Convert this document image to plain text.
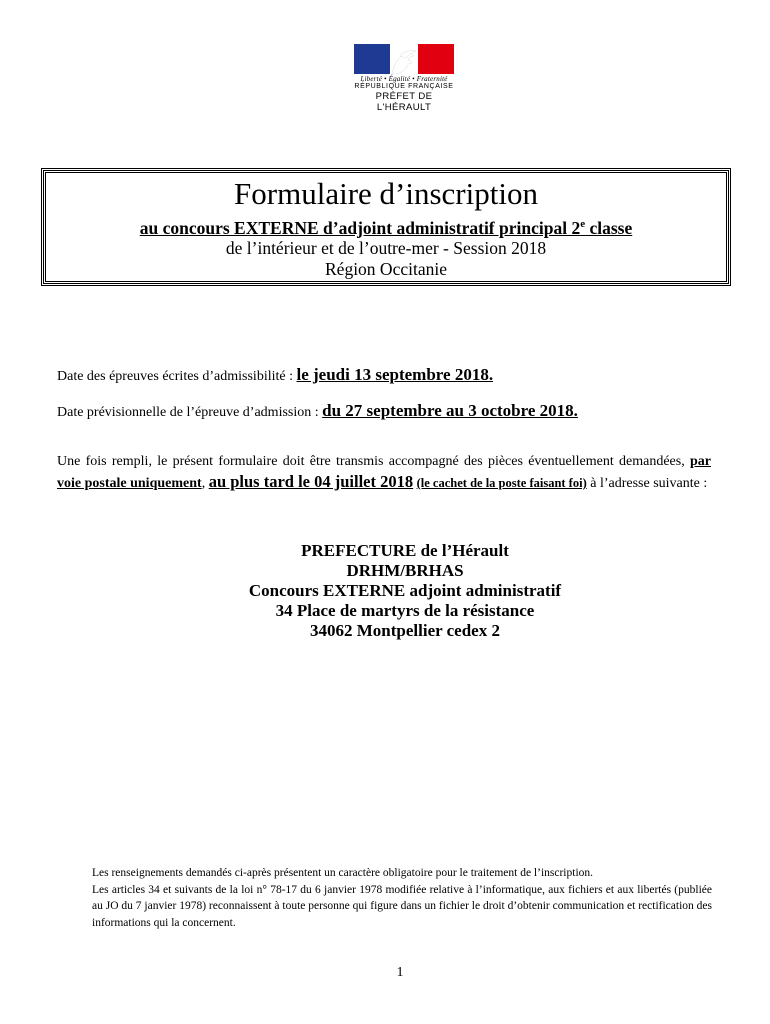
Liberté • Égalité • Fraternité
RÉPUBLIQUE FRANÇAISE
PRÉFET DE L'HÉRAULT
Formulaire d’inscription
au concours EXTERNE d’adjoint administratif principal 2e classe
de l’intérieur et de l’outre-mer - Session 2018
Région Occitanie
Date des épreuves écrites d’admissibilité : le jeudi 13 septembre 2018.
Date prévisionnelle de l’épreuve d’admission : du 27 septembre au 3 octobre 2018.
Une fois rempli, le présent formulaire doit être transmis accompagné des pièces éventuellement demandées, par voie postale uniquement, au plus tard le 04 juillet 2018 (le cachet de la poste faisant foi) à l’adresse suivante :
PREFECTURE de l’Hérault
DRHM/BRHAS
Concours EXTERNE adjoint administratif
34 Place de martyrs de la résistance
34062 Montpellier cedex 2
Les renseignements demandés ci-après présentent un caractère obligatoire pour le traitement de l’inscription.
Les articles 34 et suivants de la loi n° 78-17 du 6 janvier 1978 modifiée relative à l’informatique, aux fichiers et aux libertés (publiée au JO du 7 janvier 1978) reconnaissent à toute personne qui figure dans un fichier le droit d’obtenir communication et rectification des informations qui la concernent.
1
